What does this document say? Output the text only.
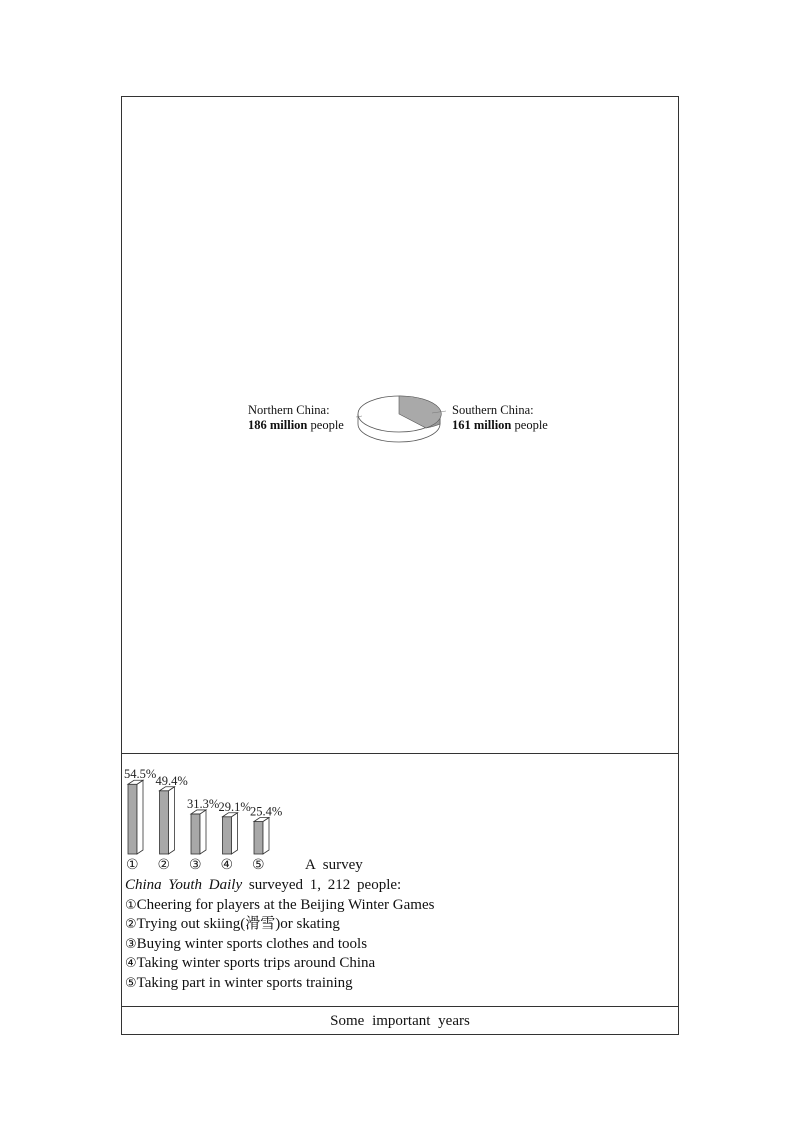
Northern China:
186 million people
Southern China:
161 million people
54.5%
①
49.4%
②
31.3%
③
29.1%
④
25.4%
⑤	A survey
China Youth Daily surveyed 1, 212 people:
①Cheering for players at the Beijing Winter Games
②Trying out skiing(滑雪)or skating
③Buying winter sports clothes and tools
④Taking winter sports trips around China
⑤Taking part in winter sports training
Some important years
